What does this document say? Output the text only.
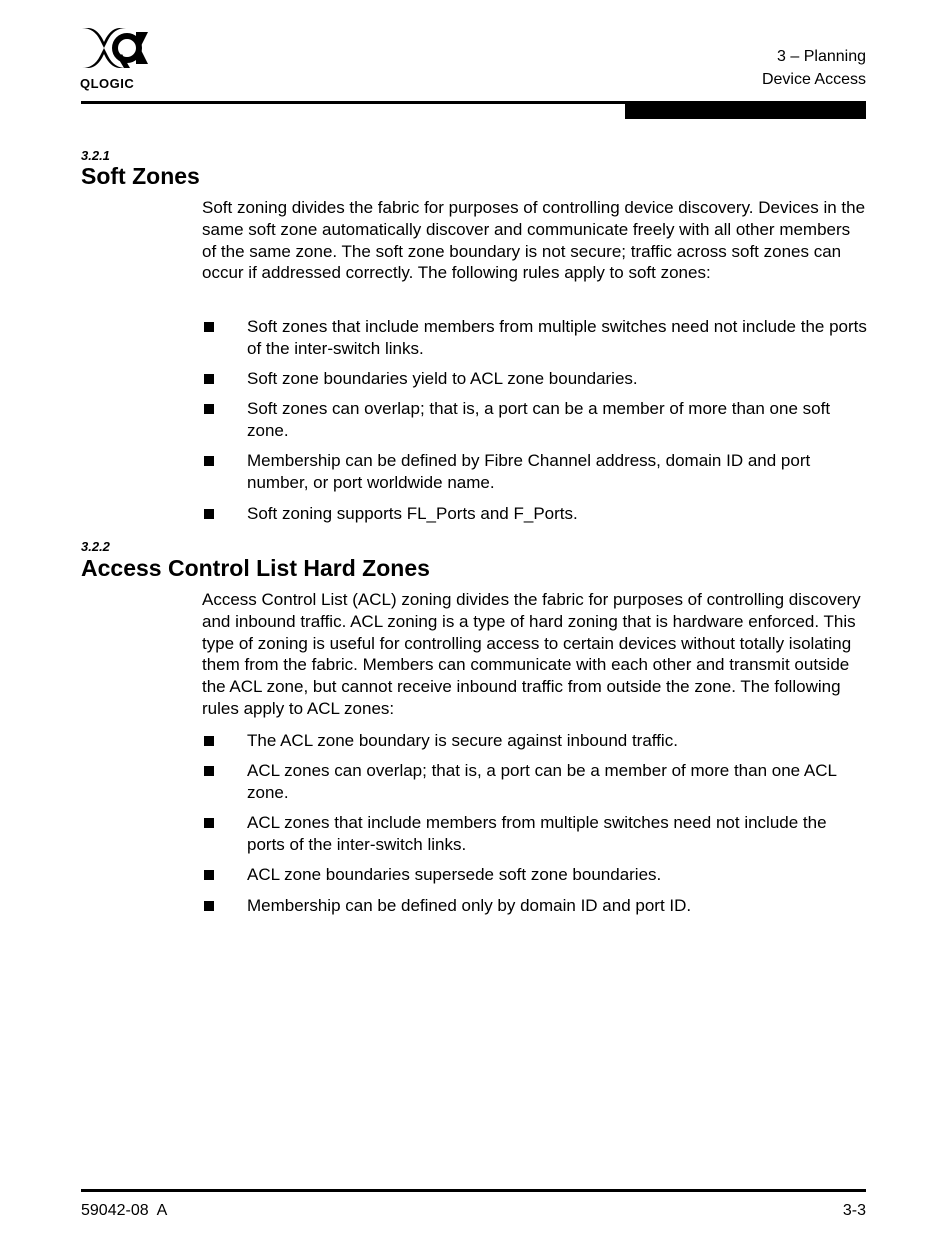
QLOGIC
3 – Planning
Device Access
3.2.1
Soft Zones

Soft zoning divides the fabric for purposes of controlling device discovery. Devices in the same soft zone automatically discover and communicate freely with all other members of the same zone. The soft zone boundary is not secure; traffic across soft zones can occur if addressed correctly. The following rules apply to soft zones:

Soft zones that include members from multiple switches need not include the ports of the inter-switch links.
Soft zone boundaries yield to ACL zone boundaries.
Soft zones can overlap; that is, a port can be a member of more than one soft zone.
Membership can be defined by Fibre Channel address, domain ID and port number, or port worldwide name.
Soft zoning supports FL_Ports and F_Ports.
3.2.2
Access Control List Hard Zones

Access Control List (ACL) zoning divides the fabric for purposes of controlling discovery and inbound traffic. ACL zoning is a type of hard zoning that is hardware enforced. This type of zoning is useful for controlling access to certain devices without totally isolating them from the fabric. Members can communicate with each other and transmit outside the ACL zone, but cannot receive inbound traffic from outside the zone. The following rules apply to ACL zones:

The ACL zone boundary is secure against inbound traffic.
ACL zones can overlap; that is, a port can be a member of more than one ACL zone.
ACL zones that include members from multiple switches need not include the ports of the inter-switch links.
ACL zone boundaries supersede soft zone boundaries.
Membership can be defined only by domain ID and port ID.
59042-08  A	3-3
